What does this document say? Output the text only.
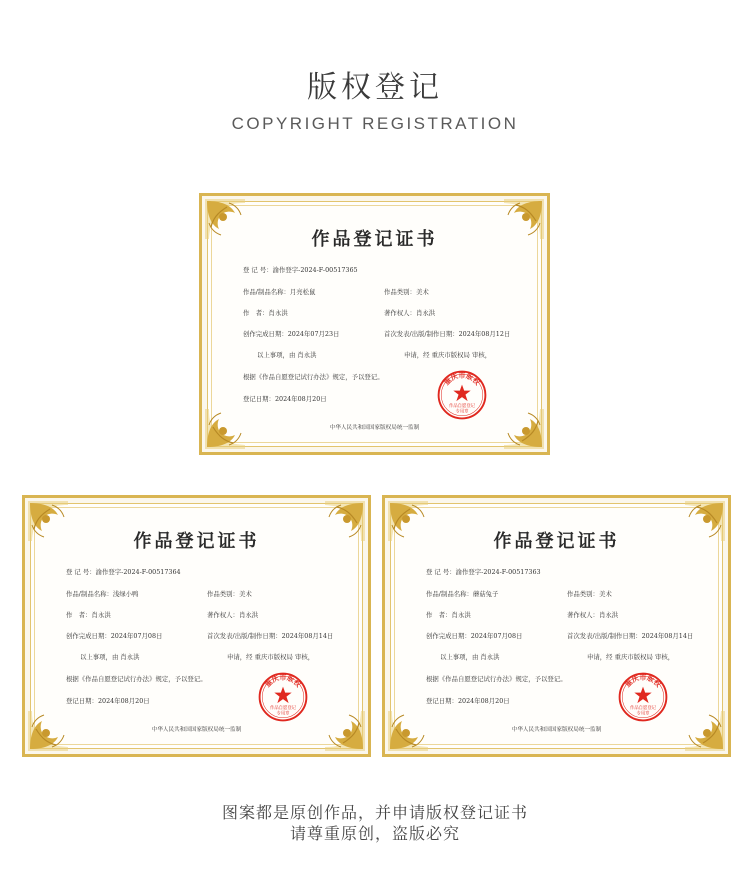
版权登记
COPYRIGHT REGISTRATION
作品登记证书
登 记 号：渝作登字-2024-F-00517365
作品/制品名称：月亮松鼠	作品类别：美术
作　者：肖永洪	著作权人：肖永洪
创作完成日期：2024年07月23日	首次发表/出版/制作日期：2024年08月12日
以上事项，由 肖永洪	申请，经 重庆市版权局 审核，
根据《作品自愿登记试行办法》规定，予以登记。
登记日期：2024年08月20日
中华人民共和国国家版权局统一监制
重庆市版权
作品自愿登记
专用章
作品登记证书
登 记 号：渝作登字-2024-F-00517364
作品/制品名称：浅绿小鸭	作品类别：美术
作　者：肖永洪	著作权人：肖永洪
创作完成日期：2024年07月08日	首次发表/出版/制作日期：2024年08月14日
以上事项，由 肖永洪	申请，经 重庆市版权局 审核，
根据《作品自愿登记试行办法》规定，予以登记。
登记日期：2024年08月20日
中华人民共和国国家版权局统一监制
重庆市版权
作品自愿登记
专用章
作品登记证书
登 记 号：渝作登字-2024-F-00517363
作品/制品名称：蘑菇兔子	作品类别：美术
作　者：肖永洪	著作权人：肖永洪
创作完成日期：2024年07月08日	首次发表/出版/制作日期：2024年08月14日
以上事项，由 肖永洪	申请，经 重庆市版权局 审核，
根据《作品自愿登记试行办法》规定，予以登记。
登记日期：2024年08月20日
中华人民共和国国家版权局统一监制
重庆市版权
作品自愿登记
专用章
图案都是原创作品，并申请版权登记证书
请尊重原创，盗版必究
